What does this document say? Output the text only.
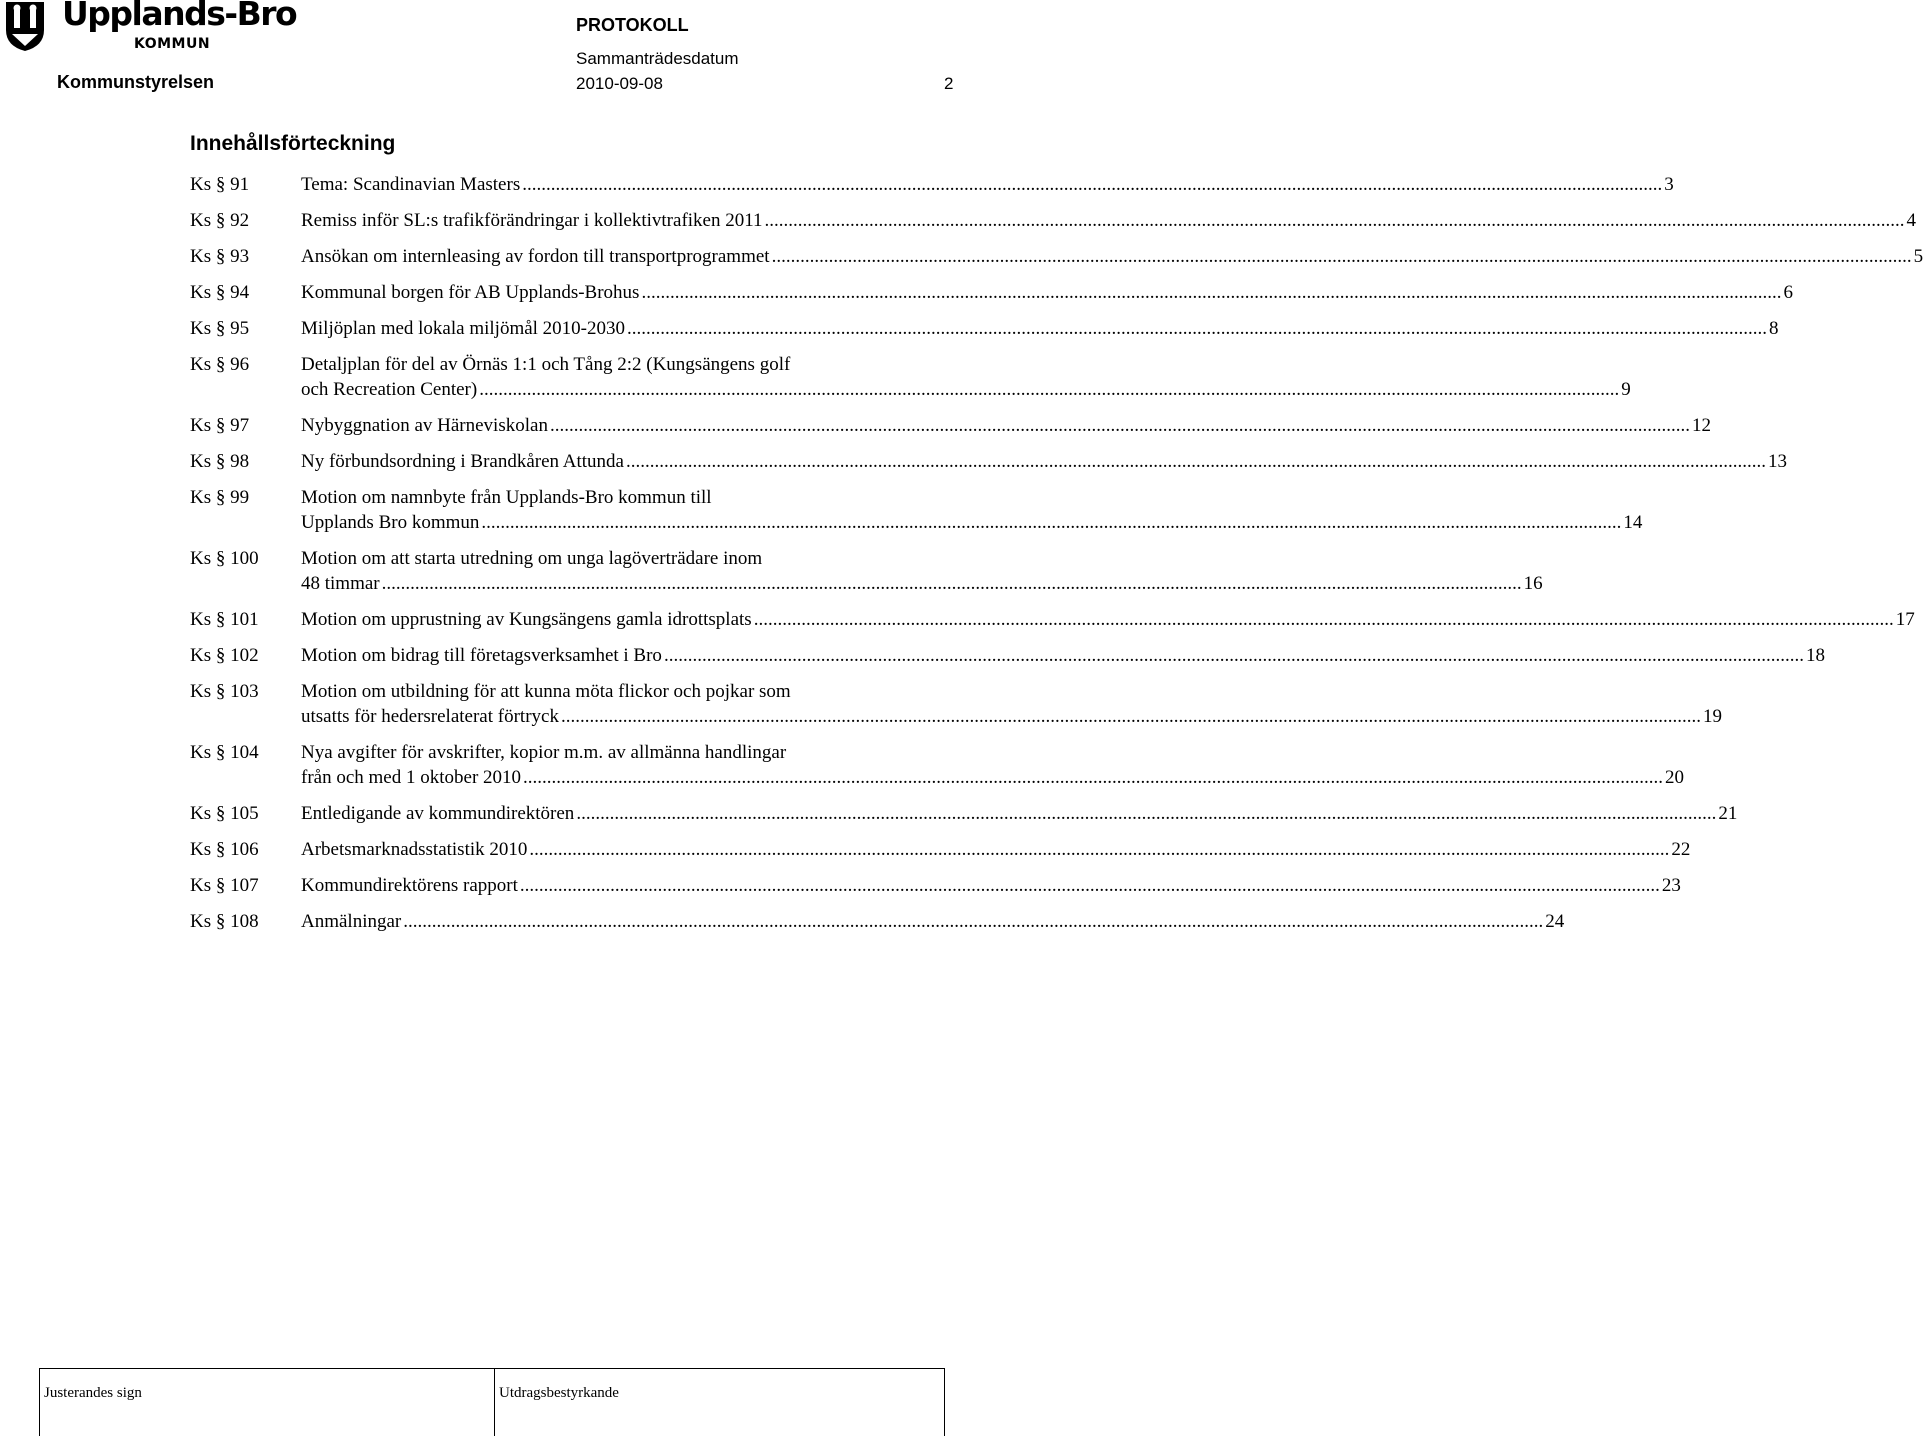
Upplands-Bro
KOMMUN
Kommunstyrelsen
PROTOKOLL
Sammanträdesdatum
2010-09-08	2
Innehållsförteckning
Ks § 91	Tema: Scandinavian Masters .....	3
Ks § 92	Remiss inför SL:s trafikförändringar i kollektivtrafiken 2011 .....	4
Ks § 93	Ansökan om internleasing av fordon till transportprogrammet .....	5
Ks § 94	Kommunal borgen för AB Upplands-Brohus .....	6
Ks § 95	Miljöplan med lokala miljömål 2010-2030 .....	8
Ks § 96	Detaljplan för del av Örnäs 1:1 och Tång 2:2 (Kungsängens golf
och Recreation Center) .....	9
Ks § 97	Nybyggnation av Härneviskolan .....	12
Ks § 98	Ny förbundsordning i Brandkåren Attunda .....	13
Ks § 99	Motion om namnbyte från Upplands-Bro kommun till
Upplands Bro kommun .....	14
Ks § 100	Motion om att starta utredning om unga lagöverträdare inom
48 timmar .....	16
Ks § 101	Motion om upprustning av Kungsängens gamla idrottsplats .....	17
Ks § 102	Motion om bidrag till företagsverksamhet i Bro .....	18
Ks § 103	Motion om utbildning för att kunna möta flickor och pojkar som
utsatts för hedersrelaterat förtryck .....	19
Ks § 104	Nya avgifter för avskrifter, kopior m.m. av allmänna handlingar
från och med 1 oktober 2010 .....	20
Ks § 105	Entledigande av kommundirektören .....	21
Ks § 106	Arbetsmarknadsstatistik 2010 .....	22
Ks § 107	Kommundirektörens rapport .....	23
Ks § 108	Anmälningar .....	24
Justerandes sign	Utdragsbestyrkande
